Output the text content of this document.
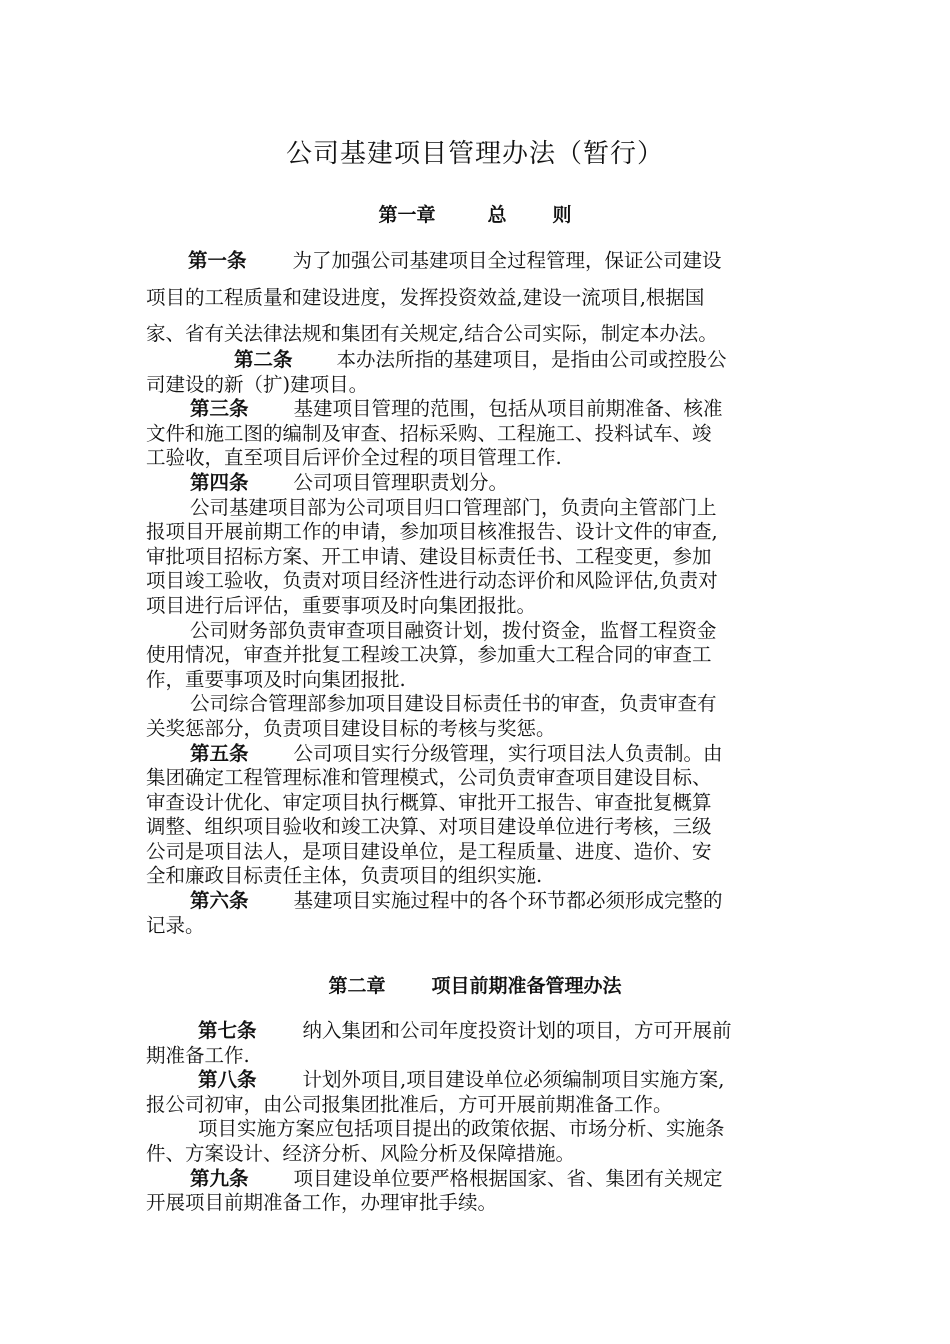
公司基建项目管理办法（暂行）
第一章	总 则
第一条 为了加强公司基建项目全过程管理，保证公司建设
项目的工程质量和建设进度，发挥投资效益,建设一流项目,根据国
家、省有关法律法规和集团有关规定,结合公司实际，制定本办法。
第二条 本办法所指的基建项目，是指由公司或控股公
司建设的新（扩)建项目。
第三条 基建项目管理的范围，包括从项目前期准备、核准
文件和施工图的编制及审查、招标采购、工程施工、投料试车、竣
工验收，直至项目后评价全过程的项目管理工作.
第四条 公司项目管理职责划分。
公司基建项目部为公司项目归口管理部门，负责向主管部门上
报项目开展前期工作的申请，参加项目核准报告、设计文件的审查,
审批项目招标方案、开工申请、建设目标责任书、工程变更，参加
项目竣工验收，负责对项目经济性进行动态评价和风险评估,负责对
项目进行后评估，重要事项及时向集团报批。
公司财务部负责审查项目融资计划，拨付资金，监督工程资金
使用情况，审查并批复工程竣工决算，参加重大工程合同的审查工
作，重要事项及时向集团报批.
公司综合管理部参加项目建设目标责任书的审查，负责审查有
关奖惩部分，负责项目建设目标的考核与奖惩。
第五条 公司项目实行分级管理，实行项目法人负责制。由
集团确定工程管理标准和管理模式，公司负责审查项目建设目标、
审查设计优化、审定项目执行概算、审批开工报告、审查批复概算
调整、组织项目验收和竣工决算、对项目建设单位进行考核，三级
公司是项目法人，是项目建设单位，是工程质量、进度、造价、安
全和廉政目标责任主体，负责项目的组织实施.
第六条 基建项目实施过程中的各个环节都必须形成完整的
记录。
第二章 项目前期准备管理办法
第七条 纳入集团和公司年度投资计划的项目，方可开展前
期准备工作.
第八条 计划外项目,项目建设单位必须编制项目实施方案,
报公司初审，由公司报集团批准后，方可开展前期准备工作。
项目实施方案应包括项目提出的政策依据、市场分析、实施条
件、方案设计、经济分析、风险分析及保障措施。
第九条 项目建设单位要严格根据国家、省、集团有关规定
开展项目前期准备工作，办理审批手续。
